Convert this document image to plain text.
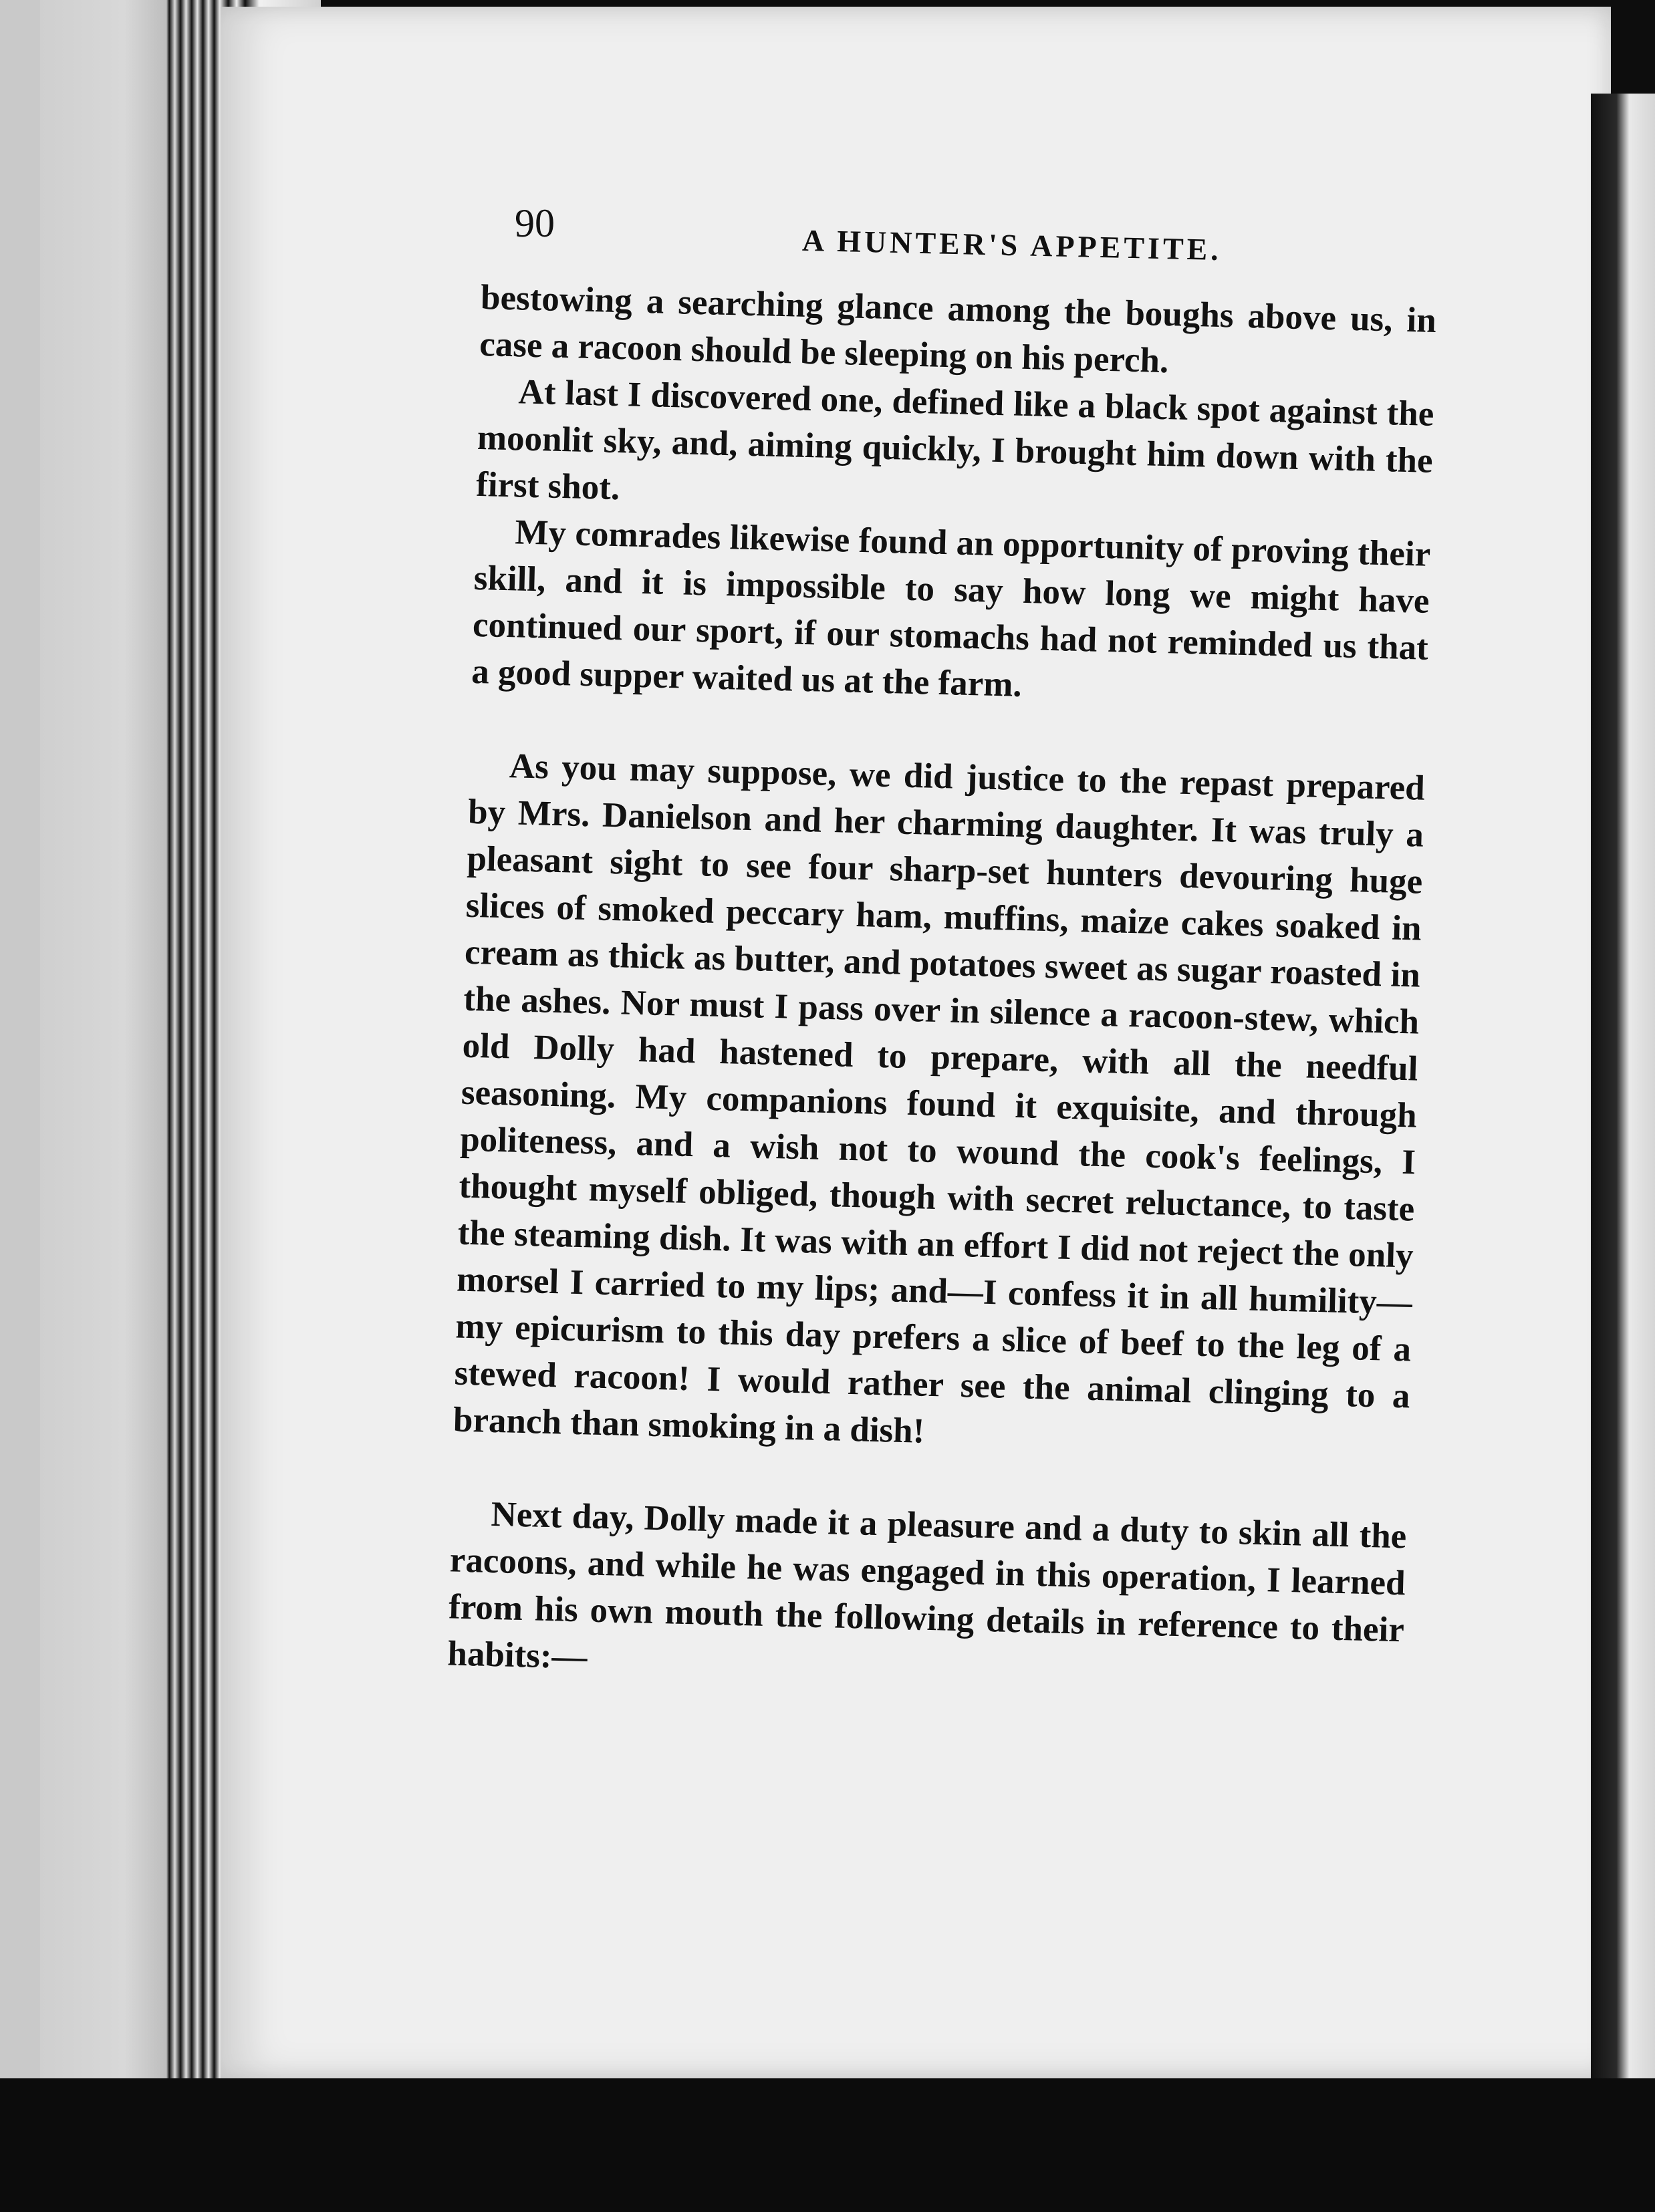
90	A HUNTER'S APPETITE.

bestowing a searching glance among the boughs above us, in case a racoon should be sleeping on his perch.

At last I discovered one, defined like a black spot against the moonlit sky, and, aiming quickly, I brought him down with the first shot.

My comrades likewise found an opportunity of proving their skill, and it is impossible to say how long we might have continued our sport, if our stomachs had not reminded us that a good supper waited us at the farm.

As you may suppose, we did justice to the repast prepared by Mrs. Danielson and her charming daughter. It was truly a pleasant sight to see four sharp-set hunters devouring huge slices of smoked peccary ham, muffins, maize cakes soaked in cream as thick as butter, and potatoes sweet as sugar roasted in the ashes. Nor must I pass over in silence a racoon-stew, which old Dolly had hastened to prepare, with all the needful seasoning. My companions found it exquisite, and through politeness, and a wish not to wound the cook's feelings, I thought myself obliged, though with secret reluctance, to taste the steaming dish. It was with an effort I did not reject the only morsel I carried to my lips; and—I confess it in all humility—my epicurism to this day prefers a slice of beef to the leg of a stewed racoon! I would rather see the animal clinging to a branch than smoking in a dish!

Next day, Dolly made it a pleasure and a duty to skin all the racoons, and while he was engaged in this operation, I learned from his own mouth the following details in reference to their habits:—
